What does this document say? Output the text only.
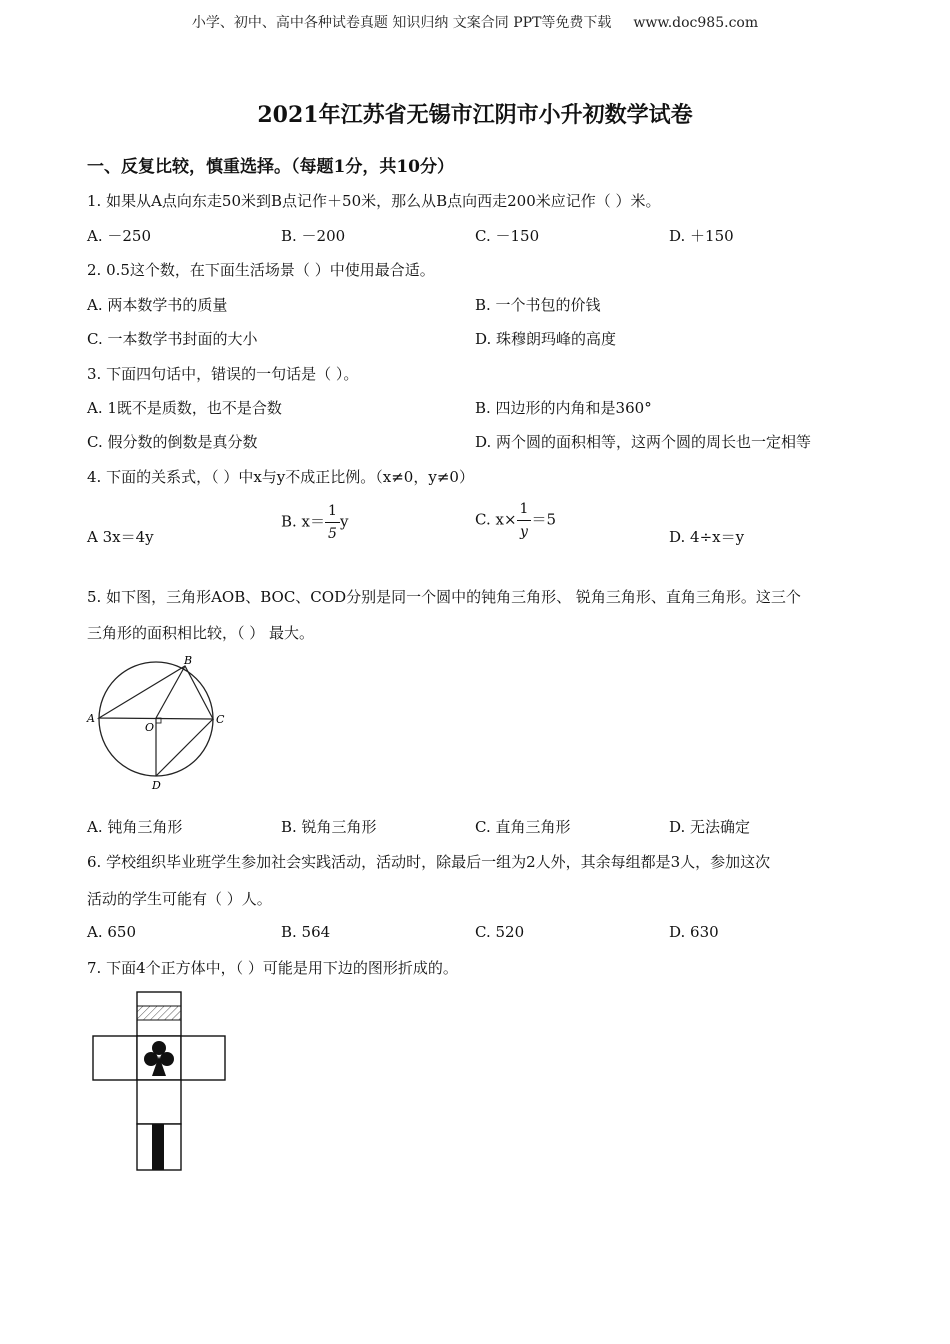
小学、初中、高中各种试卷真题 知识归纳 文案合同 PPT等免费下载 www.doc985.com
2021年江苏省无锡市江阴市小升初数学试卷
一、反复比较，慎重选择。（每题1分，共10分）
1. 如果从A点向东走50米到B点记作＋50米，那么从B点向西走200米应记作（ ）米。
A. －250	B. －200	C. －150	D. ＋150
2. 0.5这个数，在下面生活场景（ ）中使用最合适。
A. 两本数学书的质量	B. 一个书包的价钱
C. 一本数学书封面的大小	D. 珠穆朗玛峰的高度
3. 下面四句话中，错误的一句话是（ ）。
A. 1既不是质数，也不是合数	B. 四边形的内角和是360°
C. 假分数的倒数是真分数	D. 两个圆的面积相等，这两个圆的周长也一定相等
4. 下面的关系式，（ ）中x与y不成正比例。（x≠0，y≠0）
A 3x＝4y
B. $x= \frac{1}{5}$ y	C. $x\times \frac{1}{y} =5$
D. 4÷x＝y
5. 如下图，三角形AOB、BOC、COD分别是同一个圆中的钝角三角形、 锐角三角形、直角三角形。这三个
三角形的面积相比较，（ ） 最大。
A
B
C
D
O
A. 钝角三角形	B. 锐角三角形	C. 直角三角形	D. 无法确定
6. 学校组织毕业班学生参加社会实践活动，活动时，除最后一组为2人外，其余每组都是3人，参加这次
活动的学生可能有（ ）人。
A. 650	B. 564	C. 520	D. 630
7. 下面4个正方体中，（ ）可能是用下边的图形折成的。
